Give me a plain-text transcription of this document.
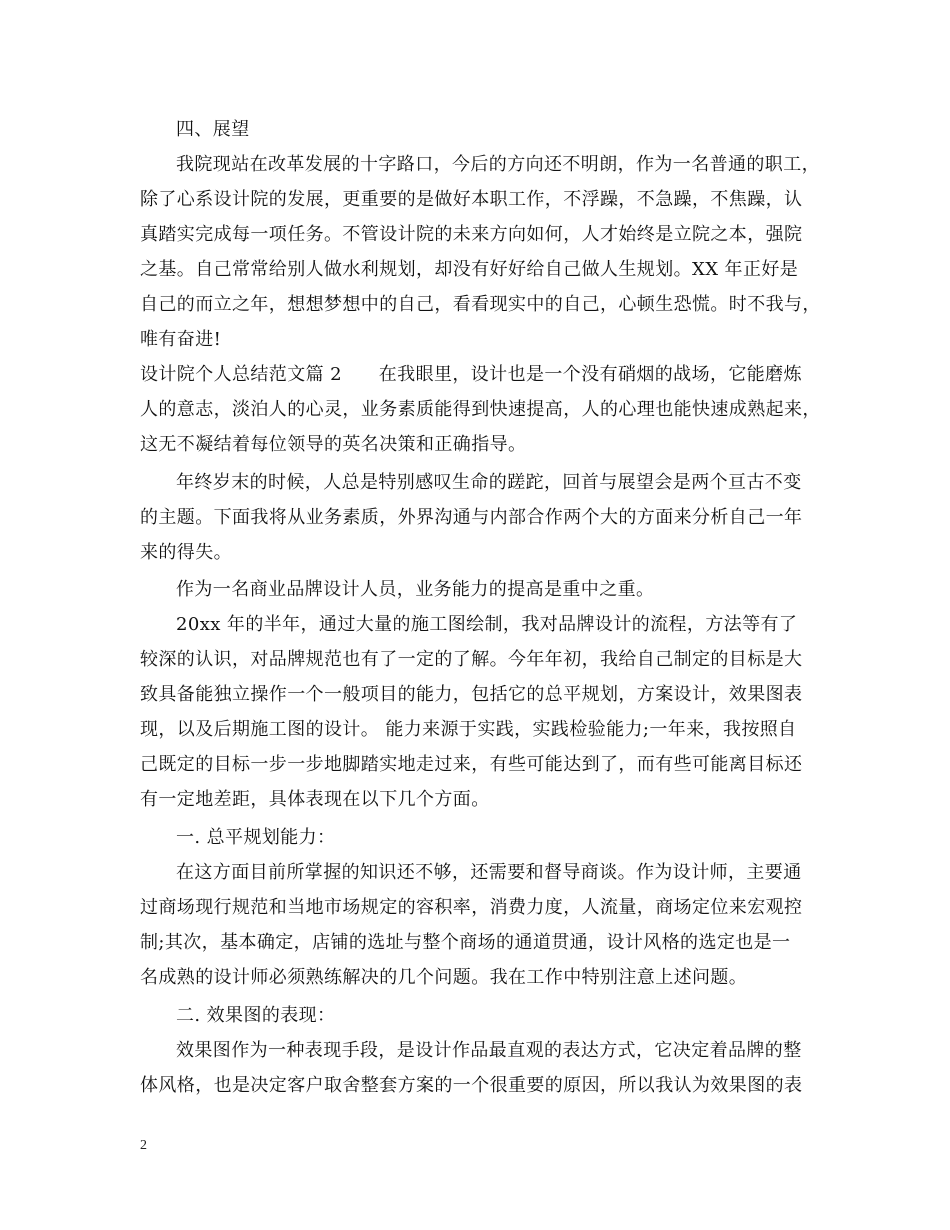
四、展望

我院现站在改革发展的十字路口，今后的方向还不明朗，作为一名普通的职工，

除了心系设计院的发展，更重要的是做好本职工作，不浮躁，不急躁，不焦躁，认

真踏实完成每一项任务。不管设计院的未来方向如何，人才始终是立院之本，强院

之基。自己常常给别人做水利规划，却没有好好给自己做人生规划。XX 年正好是

自己的而立之年，想想梦想中的自己，看看现实中的自己，心顿生恐慌。时不我与，

唯有奋进!

设计院个人总结范文篇 2　　在我眼里，设计也是一个没有硝烟的战场，它能磨炼

人的意志，淡泊人的心灵，业务素质能得到快速提高，人的心理也能快速成熟起来，

这无不凝结着每位领导的英名决策和正确指导。

年终岁末的时候，人总是特别感叹生命的蹉跎，回首与展望会是两个亘古不变

的主题。下面我将从业务素质，外界沟通与内部合作两个大的方面来分析自己一年

来的得失。

作为一名商业品牌设计人员，业务能力的提高是重中之重。

20xx 年的半年，通过大量的施工图绘制，我对品牌设计的流程，方法等有了

较深的认识，对品牌规范也有了一定的了解。今年年初，我给自己制定的目标是大

致具备能独立操作一个一般项目的能力，包括它的总平规划，方案设计，效果图表

现，以及后期施工图的设计。 能力来源于实践，实践检验能力;一年来，我按照自

己既定的目标一步一步地脚踏实地走过来，有些可能达到了，而有些可能离目标还

有一定地差距，具体表现在以下几个方面。

一. 总平规划能力：

在这方面目前所掌握的知识还不够，还需要和督导商谈。作为设计师，主要通

过商场现行规范和当地市场规定的容积率，消费力度，人流量，商场定位来宏观控

制;其次，基本确定，店铺的选址与整个商场的通道贯通，设计风格的选定也是一

名成熟的设计师必须熟练解决的几个问题。我在工作中特别注意上述问题。

二. 效果图的表现：

效果图作为一种表现手段，是设计作品最直观的表达方式，它决定着品牌的整

体风格，也是决定客户取舍整套方案的一个很重要的原因，所以我认为效果图的表

2
